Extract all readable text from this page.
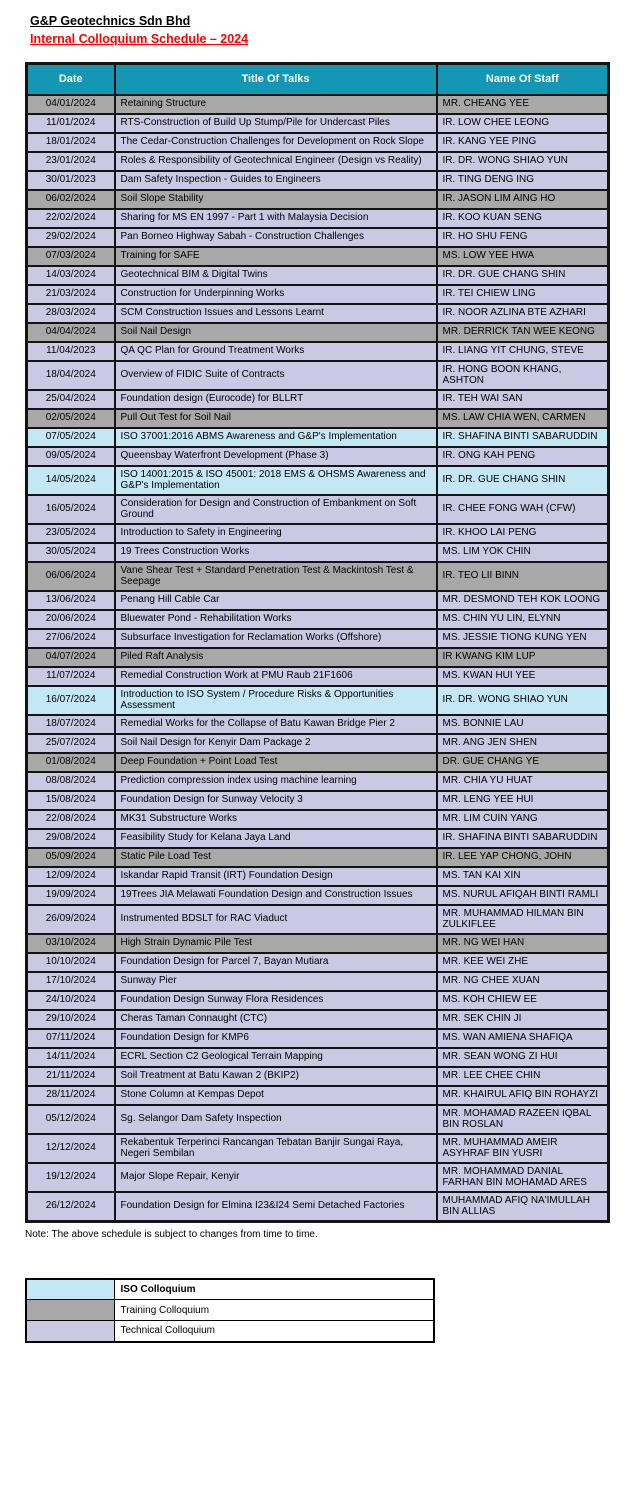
G&P Geotechnics Sdn Bhd
Internal Colloquium Schedule – 2024
Date	Title Of Talks	Name Of Staff
04/01/2024	Retaining Structure	MR. CHEANG YEE
11/01/2024	RTS-Construction of Build Up Stump/Pile for Undercast Piles	IR. LOW CHEE LEONG
18/01/2024	The Cedar-Construction Challenges for Development on Rock Slope	IR. KANG YEE PING
23/01/2024	Roles & Responsibility of Geotechnical Engineer (Design vs Reality)	IR. DR. WONG SHIAO YUN
30/01/2023	Dam Safety Inspection - Guides to Engineers	IR. TING DENG ING
06/02/2024	Soil Slope Stability	IR. JASON LIM AING HO
22/02/2024	Sharing for MS EN 1997 - Part 1 with Malaysia Decision	IR. KOO KUAN SENG
29/02/2024	Pan Borneo Highway Sabah - Construction Challenges	IR. HO SHU FENG
07/03/2024	Training for SAFE	MS. LOW YEE HWA
14/03/2024	Geotechnical BIM & Digital Twins	IR. DR. GUE CHANG SHIN
21/03/2024	Construction for Underpinning Works	IR. TEI CHIEW LING
28/03/2024	SCM Construction Issues and Lessons Learnt	IR. NOOR AZLINA BTE AZHARI
04/04/2024	Soil Nail Design	MR. DERRICK TAN WEE KEONG
11/04/2023	QA QC Plan for Ground Treatment Works	IR. LIANG YIT CHUNG, STEVE
18/04/2024	Overview of FIDIC Suite of Contracts	IR. HONG BOON KHANG, ASHTON
25/04/2024	Foundation design (Eurocode) for BLLRT	IR. TEH WAI SAN
02/05/2024	Pull Out Test for Soil Nail	MS. LAW CHIA WEN, CARMEN
07/05/2024	ISO 37001:2016 ABMS Awareness and G&P's Implementation	IR. SHAFINA BINTI SABARUDDIN
09/05/2024	Queensbay Waterfront Development (Phase 3)	IR. ONG KAH PENG
14/05/2024	ISO 14001:2015 & ISO 45001: 2018 EMS & OHSMS Awareness and G&P's Implementation	IR. DR. GUE CHANG SHIN
16/05/2024	Consideration for Design and Construction of Embankment on Soft Ground	IR. CHEE FONG WAH (CFW)
23/05/2024	Introduction to Safety in Engineering	IR. KHOO LAI PENG
30/05/2024	19 Trees Construction Works	MS. LIM YOK CHIN
06/06/2024	Vane Shear Test + Standard Penetration Test & Mackintosh Test & Seepage	IR. TEO LII BINN
13/06/2024	Penang Hill Cable Car	MR. DESMOND TEH KOK LOONG
20/06/2024	Bluewater Pond - Rehabilitation Works	MS. CHIN YU LIN, ELYNN
27/06/2024	Subsurface Investigation for Reclamation Works (Offshore)	MS. JESSIE TIONG KUNG YEN
04/07/2024	Piled Raft Analysis	IR KWANG KIM LUP
11/07/2024	Remedial Construction Work at PMU Raub 21F1606	MS. KWAN HUI YEE
16/07/2024	Introduction to ISO System / Procedure Risks & Opportunities Assessment	IR. DR. WONG SHIAO YUN
18/07/2024	Remedial Works for the Collapse of Batu Kawan Bridge Pier 2	MS. BONNIE LAU
25/07/2024	Soil Nail Design for Kenyir Dam Package 2	MR. ANG JEN SHEN
01/08/2024	Deep Foundation + Point Load Test	DR. GUE CHANG YE
08/08/2024	Prediction compression index using machine learning	MR. CHIA YU HUAT
15/08/2024	Foundation Design for Sunway Velocity 3	MR. LENG YEE HUI
22/08/2024	MK31 Substructure Works	MR. LIM CUIN YANG
29/08/2024	Feasibility Study for Kelana Jaya Land	IR. SHAFINA BINTI SABARUDDIN
05/09/2024	Static Pile Load Test	IR. LEE YAP CHONG, JOHN
12/09/2024	Iskandar Rapid Transit (IRT) Foundation Design	MS. TAN KAI XIN
19/09/2024	19Trees JIA Melawati Foundation Design and Construction Issues	MS. NURUL AFIQAH BINTI RAMLI
26/09/2024	Instrumented BDSLT for RAC Viaduct	MR. MUHAMMAD HILMAN BIN ZULKIFLEE
03/10/2024	High Strain Dynamic Pile Test	MR. NG WEI HAN
10/10/2024	Foundation Design for Parcel 7, Bayan Mutiara	MR. KEE WEI ZHE
17/10/2024	Sunway Pier	MR. NG CHEE XUAN
24/10/2024	Foundation Design Sunway Flora Residences	MS. KOH CHIEW EE
29/10/2024	Cheras Taman Connaught (CTC)	MR. SEK CHIN JI
07/11/2024	Foundation Design for KMP6	MS. WAN AMIENA SHAFIQA
14/11/2024	ECRL Section C2 Geological Terrain Mapping	MR. SEAN WONG ZI HUI
21/11/2024	Soil Treatment at Batu Kawan 2 (BKIP2)	MR. LEE CHEE CHIN
28/11/2024	Stone Column at Kempas Depot	MR. KHAIRUL AFIQ BIN ROHAYZI
05/12/2024	Sg. Selangor Dam Safety Inspection	MR. MOHAMAD RAZEEN IQBAL BIN ROSLAN
12/12/2024	Rekabentuk Terperinci Rancangan Tebatan Banjir Sungai Raya, Negeri Sembilan	MR. MUHAMMAD AMEIR ASYHRAF BIN YUSRI
19/12/2024	Major Slope Repair, Kenyir	MR. MOHAMMAD DANIAL FARHAN BIN MOHAMAD ARES
26/12/2024	Foundation Design for Elmina I23&I24 Semi Detached Factories	MUHAMMAD AFIQ NA'IMULLAH BIN ALLIAS

Note: The above schedule is subject to changes from time to time.

	ISO Colloquium
	Training Colloquium
	Technical Colloquium
